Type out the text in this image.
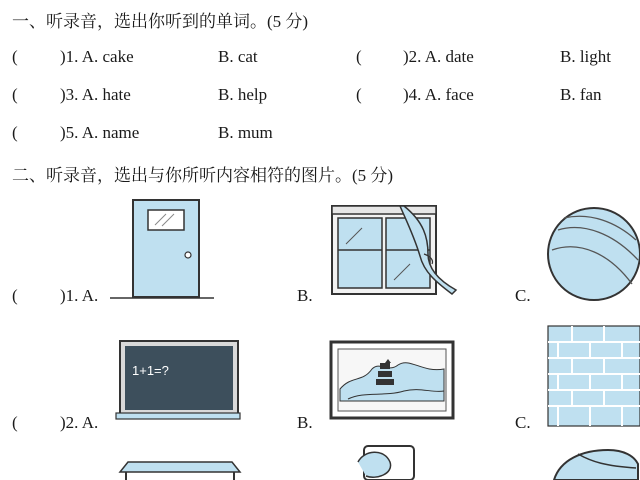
一、听录音，选出你听到的单词。(5 分)
( )1. A. cake	B. cat	( )2. A. date	B. light
( )3. A. hate	B. help	( )4. A. face	B. fan
( )5. A. name	B. mum
二、听录音，选出与你所听内容相符的图片。(5 分)
( )1. A.	B.	C.
( )2. A.	B.	C.
1+1=?
